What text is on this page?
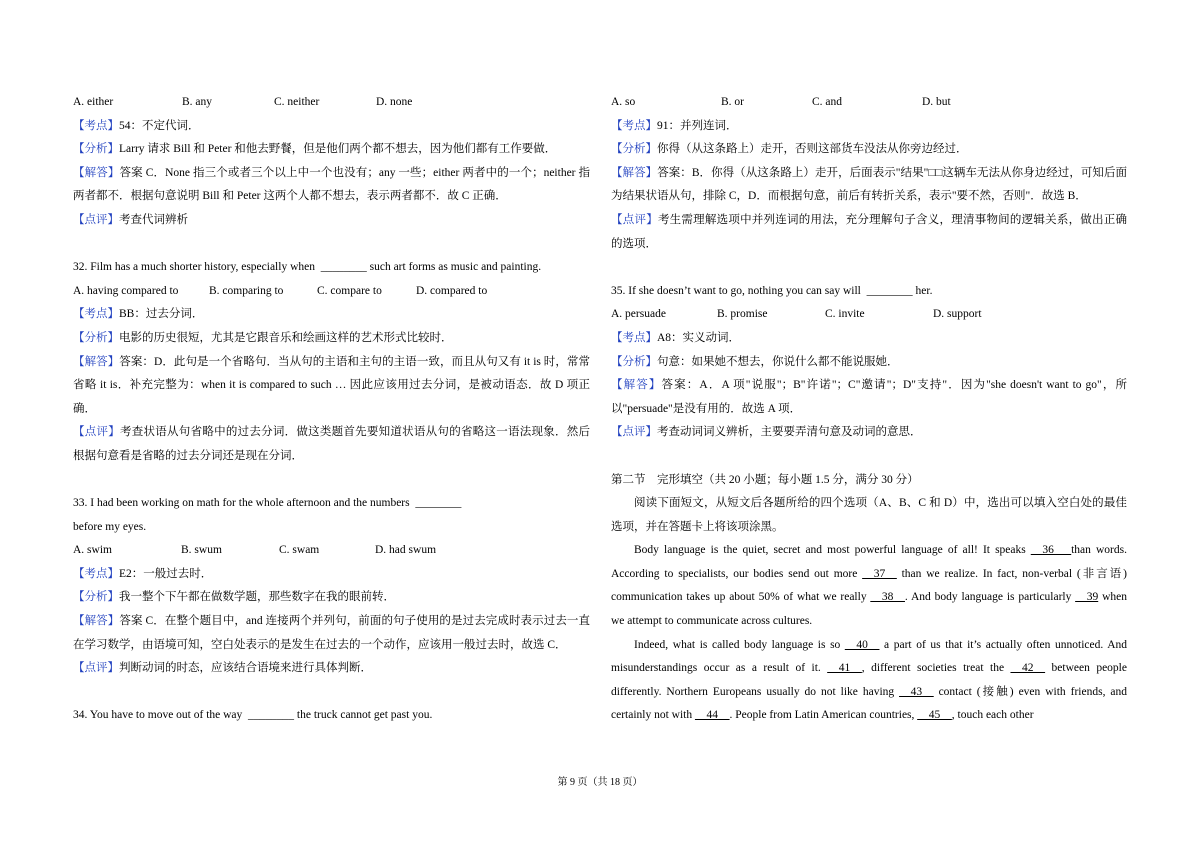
A. either	B. any	C. neither	D. none
【考点】54：不定代词．
【分析】Larry 请求 Bill 和 Peter 和他去野餐，但是他们两个都不想去，因为他们都有工作要做．
【解答】答案 C．None 指三个或者三个以上中一个也没有；any 一些；either 两者中的一个；neither 指两者都不．根据句意说明 Bill 和 Peter 这两个人都不想去，表示两者都不．故 C 正确．
【点评】考查代词辨析
32. Film has a much shorter history, especially when ________ such art forms as music and painting.
A. having compared to	B. comparing to	C. compare to	D. compared to
【考点】BB：过去分词．
【分析】电影的历史很短，尤其是它跟音乐和绘画这样的艺术形式比较时．
【解答】答案：D．此句是一个省略句．当从句的主语和主句的主语一致，而且从句又有 it is 时，常常省略 it is．补充完整为：when it is compared to such … 因此应该用过去分词，是被动语态．故 D 项正确．
【点评】考查状语从句省略中的过去分词．做这类题首先要知道状语从句的省略这一语法现象．然后根据句意看是省略的过去分词还是现在分词．
33. I had been working on math for the whole afternoon and the numbers ________
before my eyes.
A. swim	B. swum	C. swam	D. had swum
【考点】E2：一般过去时．
【分析】我一整个下午都在做数学题，那些数字在我的眼前转．
【解答】答案 C．在整个题目中，and 连接两个并列句，前面的句子使用的是过去完成时表示过去一直在学习数学，由语境可知，空白处表示的是发生在过去的一个动作，应该用一般过去时，故选 C．
【点评】判断动词的时态，应该结合语境来进行具体判断．
34. You have to move out of the way ________ the truck cannot get past you.
A. so	B. or	C. and	D. but
【考点】91：并列连词．
【分析】你得（从这条路上）走开，否则这部货车没法从你旁边经过．
【解答】答案：B．你得（从这条路上）走开，后面表示"结果"□□这辆车无法从你身边经过，可知后面为结果状语从句，排除 C，D．而根据句意，前后有转折关系，表示"要不然，否则"．故选 B．
【点评】考生需理解选项中并列连词的用法，充分理解句子含义，理清事物间的逻辑关系，做出正确的选项．
35. If she doesn’t want to go, nothing you can say will ________ her.
A. persuade	B. promise	C. invite	D. support
【考点】A8：实义动词．
【分析】句意：如果她不想去，你说什么都不能说服她．
【解答】答案：A．A 项"说服"；B"许诺"；C"邀请"；D"支持"．因为"she doesn't want to go"，所以"persuade"是没有用的．故选 A 项．
【点评】考查动词词义辨析，主要要弄清句意及动词的意思．
第二节　完形填空（共 20 小题；每小题 1.5 分，满分 30 分）
阅读下面短文，从短文后各题所给的四个选项（A、B、C 和 D）中，选出可以填入空白处的最佳选项，并在答题卡上将该项涂黑。
Body language is the quiet, secret and most powerful language of all! It speaks __36___than words. According to specialists, our bodies send out more __37__ than we realize. In fact, non-verbal (非言语) communication takes up about 50% of what we really __38__. And body language is particularly __39 when we attempt to communicate across cultures.
Indeed, what is called body language is so __40__ a part of us that it’s actually often unnoticed. And misunderstandings occur as a result of it. __41__, different societies treat the __42__ between people differently. Northern Europeans usually do not like having __43__ contact (接触) even with friends, and certainly not with __44__. People from Latin American countries, __45__, touch each other
第 9 页（共 18 页）
